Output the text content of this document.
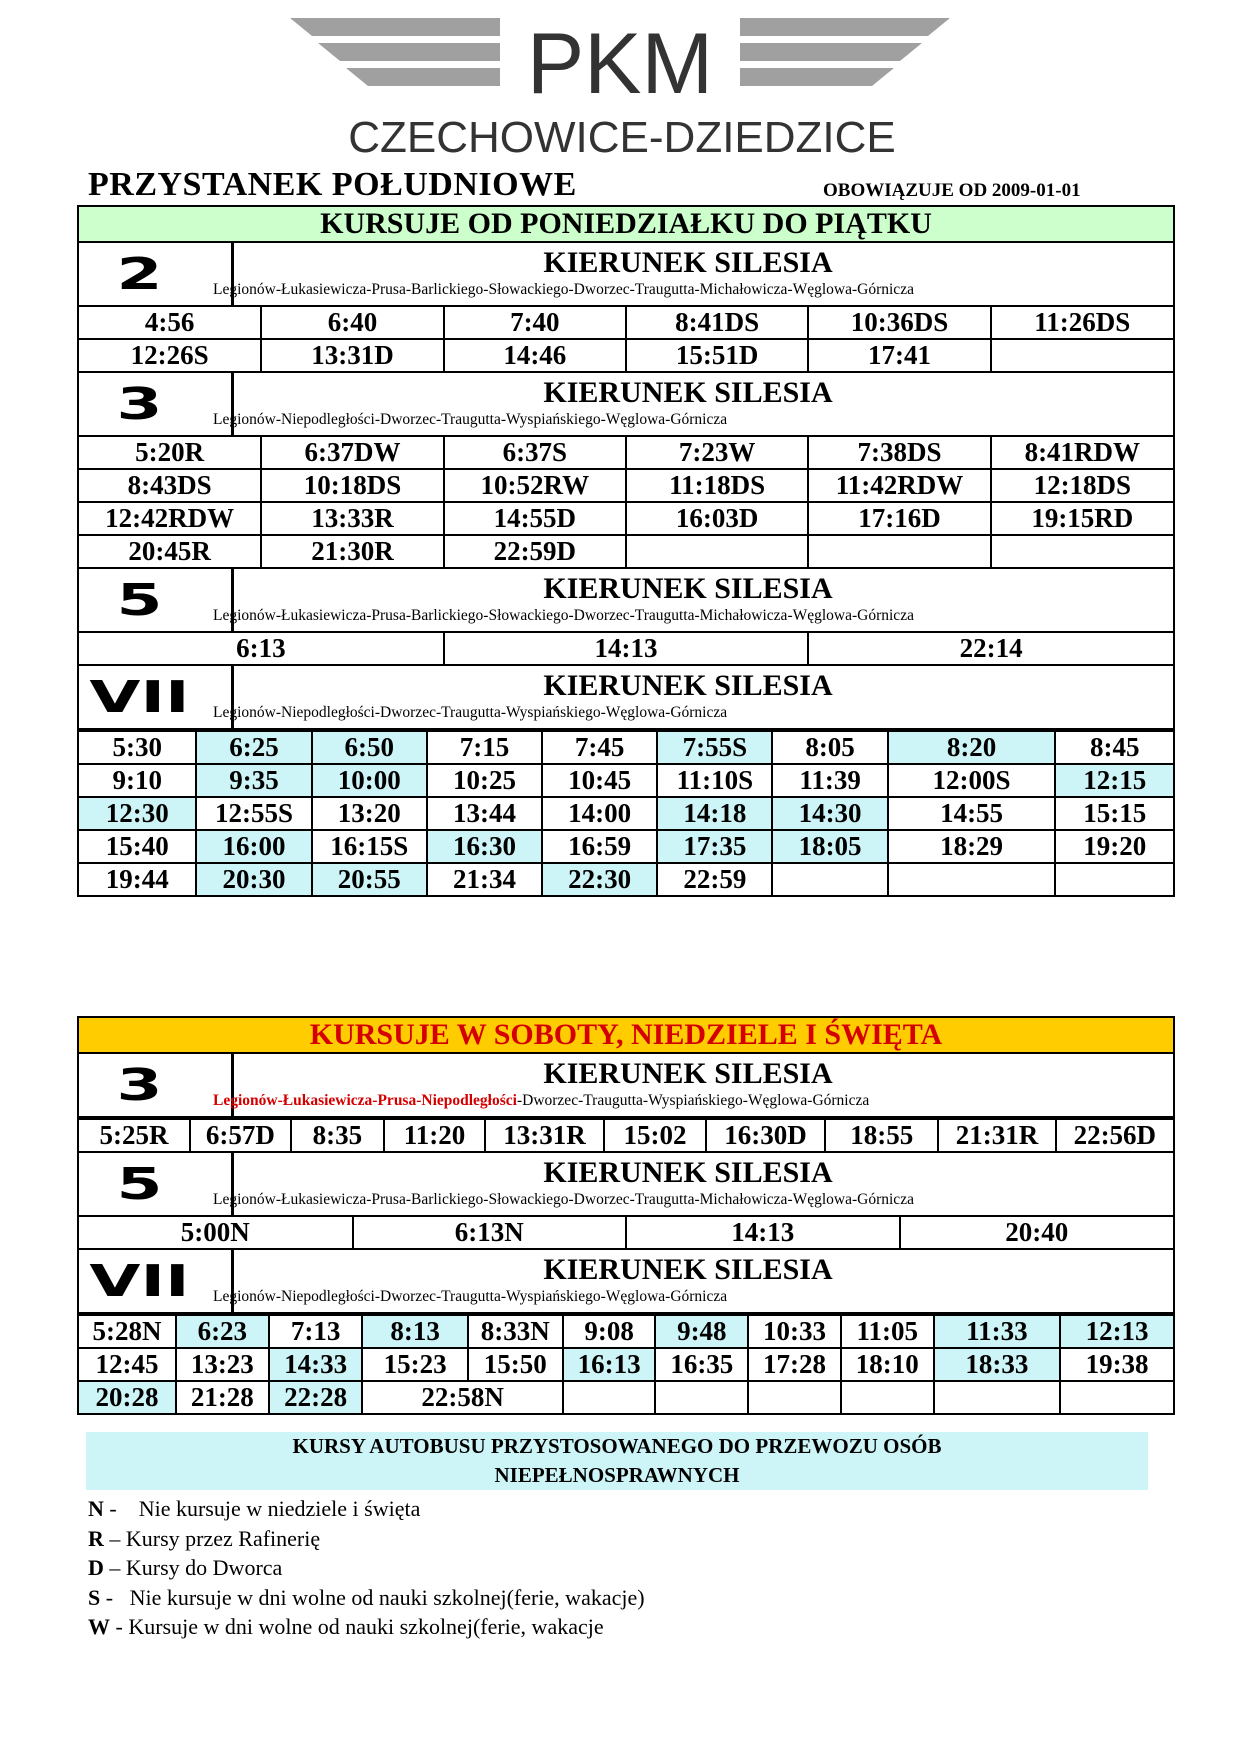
PKM
CZECHOWICE-DZIEDZICE
PRZYSTANEK POŁUDNIOWE	OBOWIĄZUJE OD 2009-01-01
KURSUJE OD PONIEDZIAŁKU DO PIĄTKU
2	KIERUNEK SILESIA
Legionów-Łukasiewicza-Prusa-Barlickiego-Słowackiego-Dworzec-Traugutta-Michałowicza-Węglowa-Górnicza
4:56	6:40	7:40	8:41DS	10:36DS	11:26DS
12:26S	13:31D	14:46	15:51D	17:41	
3	KIERUNEK SILESIA
Legionów-Niepodległości-Dworzec-Traugutta-Wyspiańskiego-Węglowa-Górnicza
5:20R	6:37DW	6:37S	7:23W	7:38DS	8:41RDW
8:43DS	10:18DS	10:52RW	11:18DS	11:42RDW	12:18DS
12:42RDW	13:33R	14:55D	16:03D	17:16D	19:15RD
20:45R	21:30R	22:59D			
5	KIERUNEK SILESIA
Legionów-Łukasiewicza-Prusa-Barlickiego-Słowackiego-Dworzec-Traugutta-Michałowicza-Węglowa-Górnicza
6:13	14:13	22:14
VII	KIERUNEK SILESIA
Legionów-Niepodległości-Dworzec-Traugutta-Wyspiańskiego-Węglowa-Górnicza
5:30	6:25	6:50	7:15	7:45	7:55S	8:05	8:20	8:45
9:10	9:35	10:00	10:25	10:45	11:10S	11:39	12:00S	12:15
12:30	12:55S	13:20	13:44	14:00	14:18	14:30	14:55	15:15
15:40	16:00	16:15S	16:30	16:59	17:35	18:05	18:29	19:20
19:44	20:30	20:55	21:34	22:30	22:59			
KURSUJE W SOBOTY, NIEDZIELE I ŚWIĘTA
3	KIERUNEK SILESIA
Legionów-Łukasiewicza-Prusa-Niepodległości-Dworzec-Traugutta-Wyspiańskiego-Węglowa-Górnicza
5:25R	6:57D	8:35	11:20	13:31R	15:02	16:30D	18:55	21:31R	22:56D
5	KIERUNEK SILESIA
Legionów-Łukasiewicza-Prusa-Barlickiego-Słowackiego-Dworzec-Traugutta-Michałowicza-Węglowa-Górnicza
5:00N	6:13N	14:13	20:40
VII	KIERUNEK SILESIA
Legionów-Niepodległości-Dworzec-Traugutta-Wyspiańskiego-Węglowa-Górnicza
5:28N	6:23	7:13	8:13	8:33N	9:08	9:48	10:33	11:05	11:33	12:13
12:45	13:23	14:33	15:23	15:50	16:13	16:35	17:28	18:10	18:33	19:38
20:28	21:28	22:28	22:58N							
KURSY AUTOBUSU PRZYSTOSOWANEGO DO PRZEWOZU OSÓB
NIEPEŁNOSPRAWNYCH
N -    Nie kursuje w niedziele i święta
R – Kursy przez Rafinerię
D – Kursy do Dworca
S -   Nie kursuje w dni wolne od nauki szkolnej(ferie, wakacje)
W - Kursuje w dni wolne od nauki szkolnej(ferie, wakacje
